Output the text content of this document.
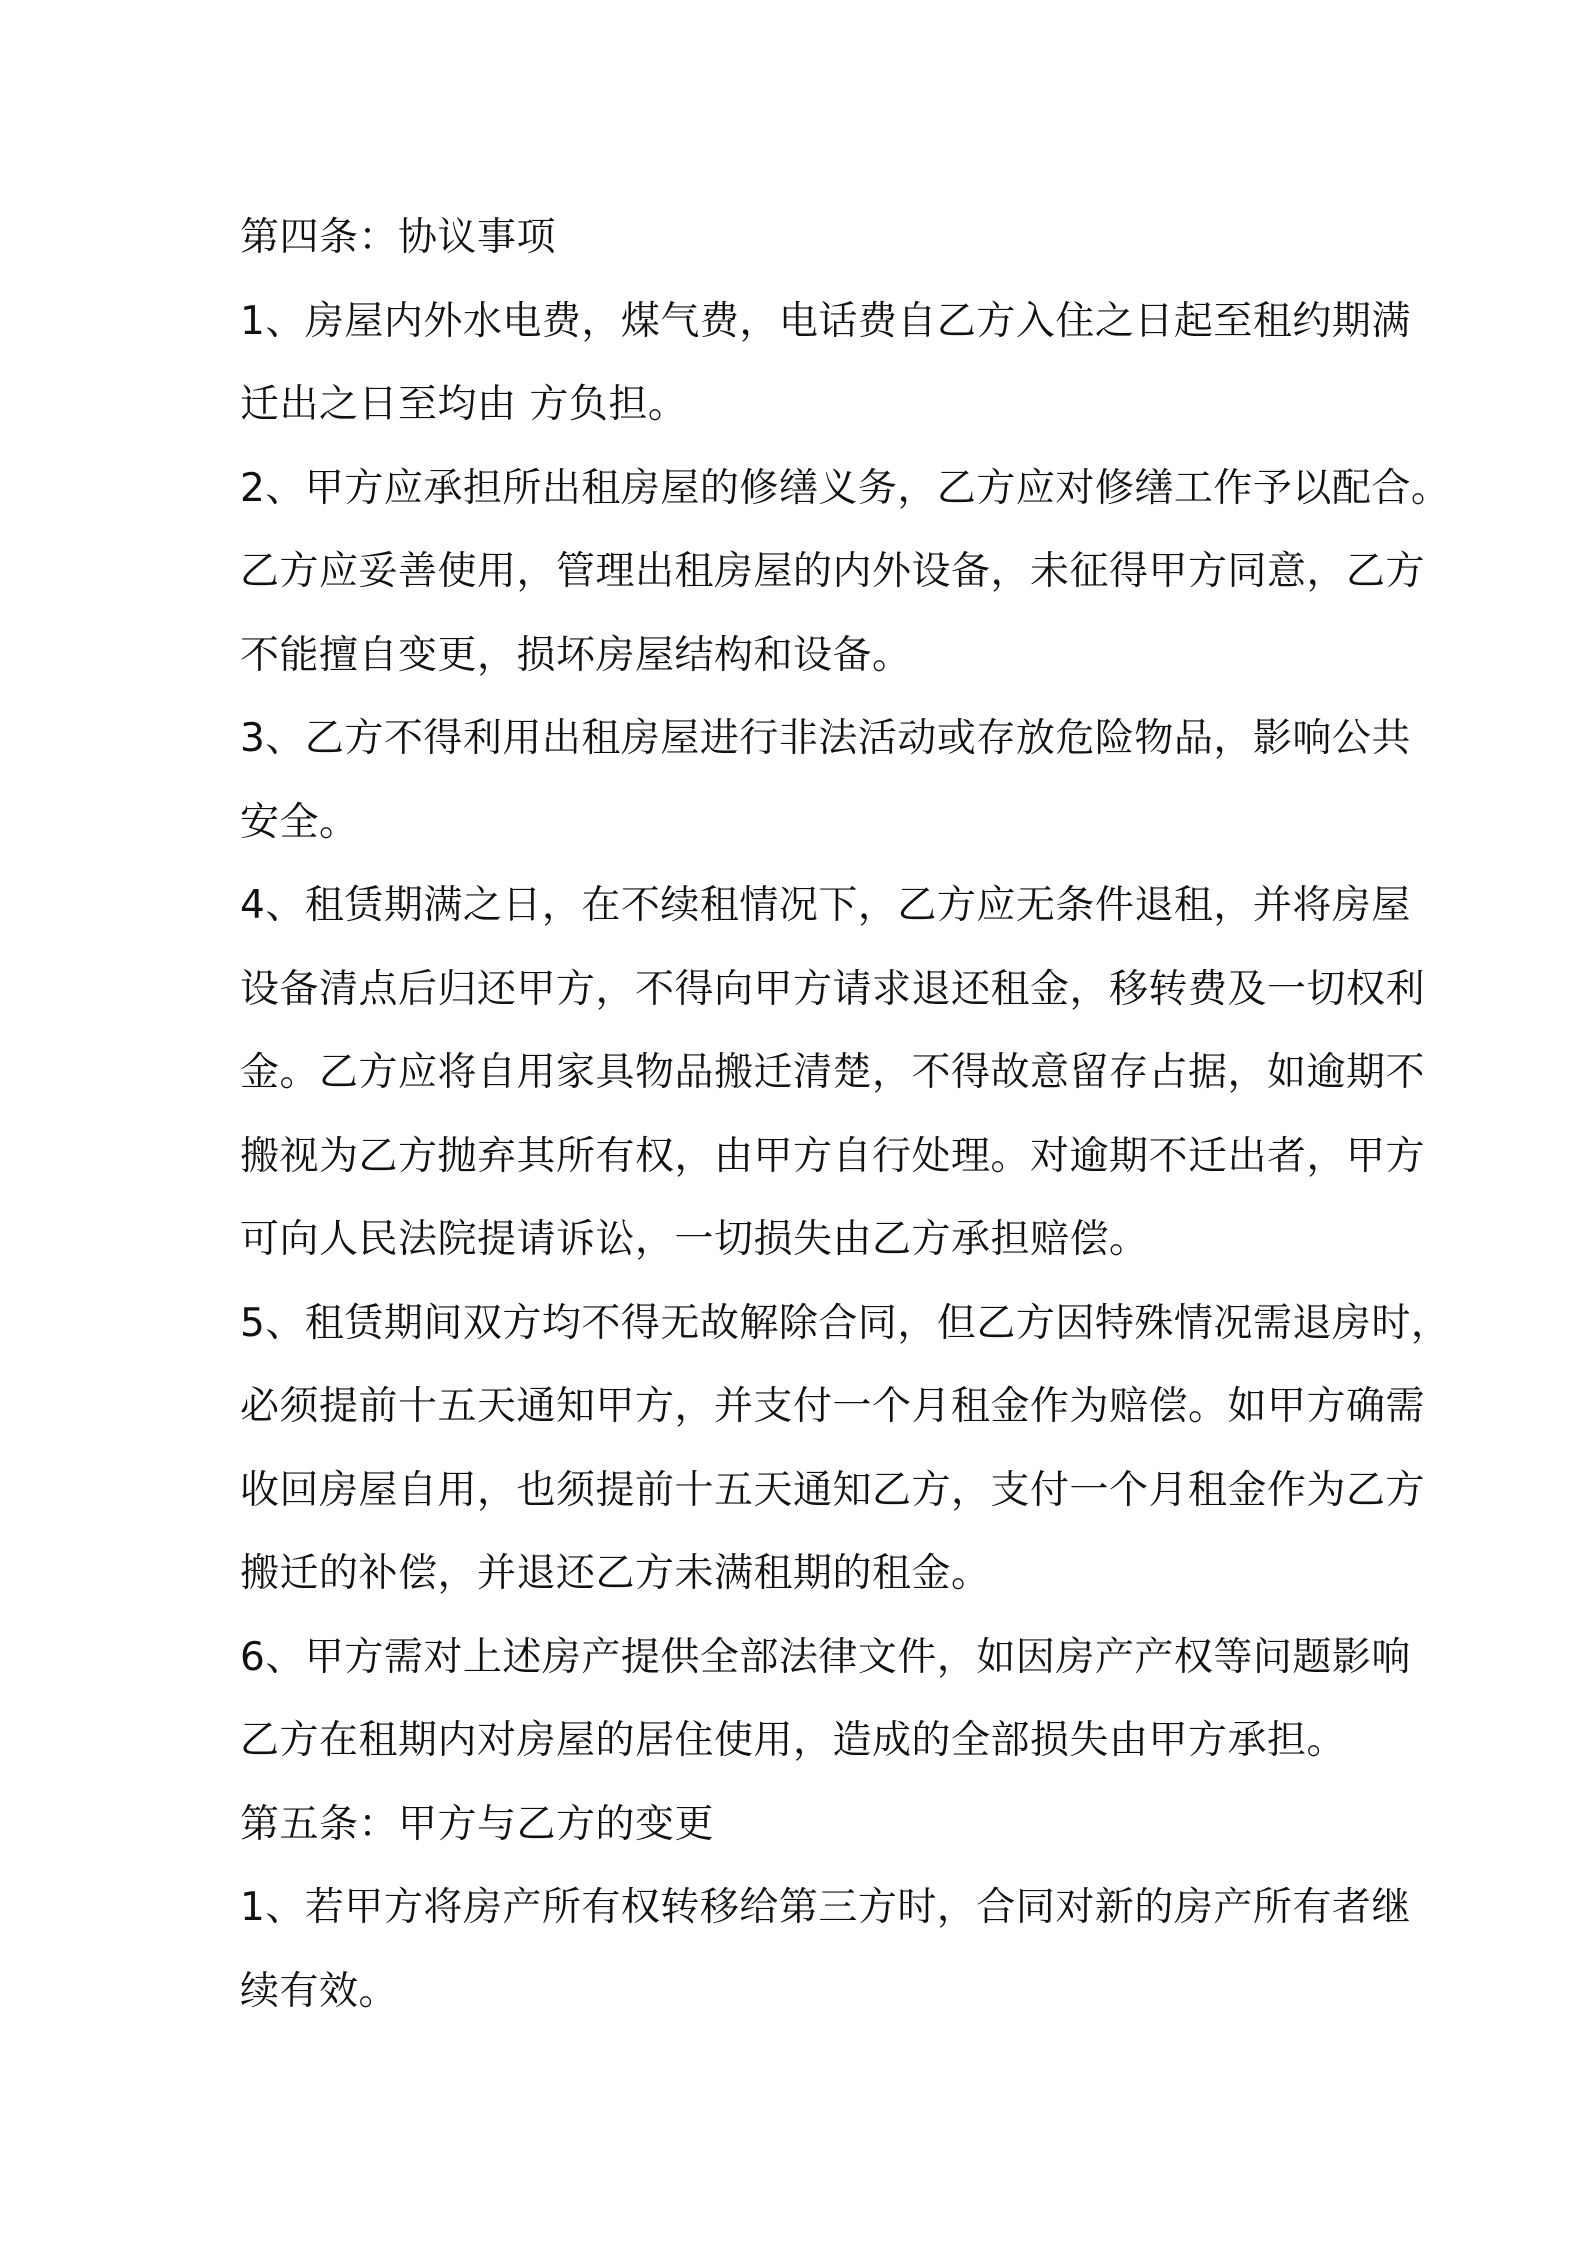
第四条：协议事项
1、房屋内外水电费，煤气费，电话费自乙方入住之日起至租约期满
迁出之日至均由 方负担。
2、甲方应承担所出租房屋的修缮义务，乙方应对修缮工作予以配合。
乙方应妥善使用，管理出租房屋的内外设备，未征得甲方同意，乙方
不能擅自变更，损坏房屋结构和设备。
3、乙方不得利用出租房屋进行非法活动或存放危险物品，影响公共
安全。
4、租赁期满之日，在不续租情况下，乙方应无条件退租，并将房屋
设备清点后归还甲方，不得向甲方请求退还租金，移转费及一切权利
金。乙方应将自用家具物品搬迁清楚，不得故意留存占据，如逾期不
搬视为乙方抛弃其所有权，由甲方自行处理。对逾期不迁出者，甲方
可向人民法院提请诉讼，一切损失由乙方承担赔偿。
5、租赁期间双方均不得无故解除合同，但乙方因特殊情况需退房时，
必须提前十五天通知甲方，并支付一个月租金作为赔偿。如甲方确需
收回房屋自用，也须提前十五天通知乙方，支付一个月租金作为乙方
搬迁的补偿，并退还乙方未满租期的租金。
6、甲方需对上述房产提供全部法律文件，如因房产产权等问题影响
乙方在租期内对房屋的居住使用，造成的全部损失由甲方承担。
第五条：甲方与乙方的变更
1、若甲方将房产所有权转移给第三方时，合同对新的房产所有者继
续有效。
